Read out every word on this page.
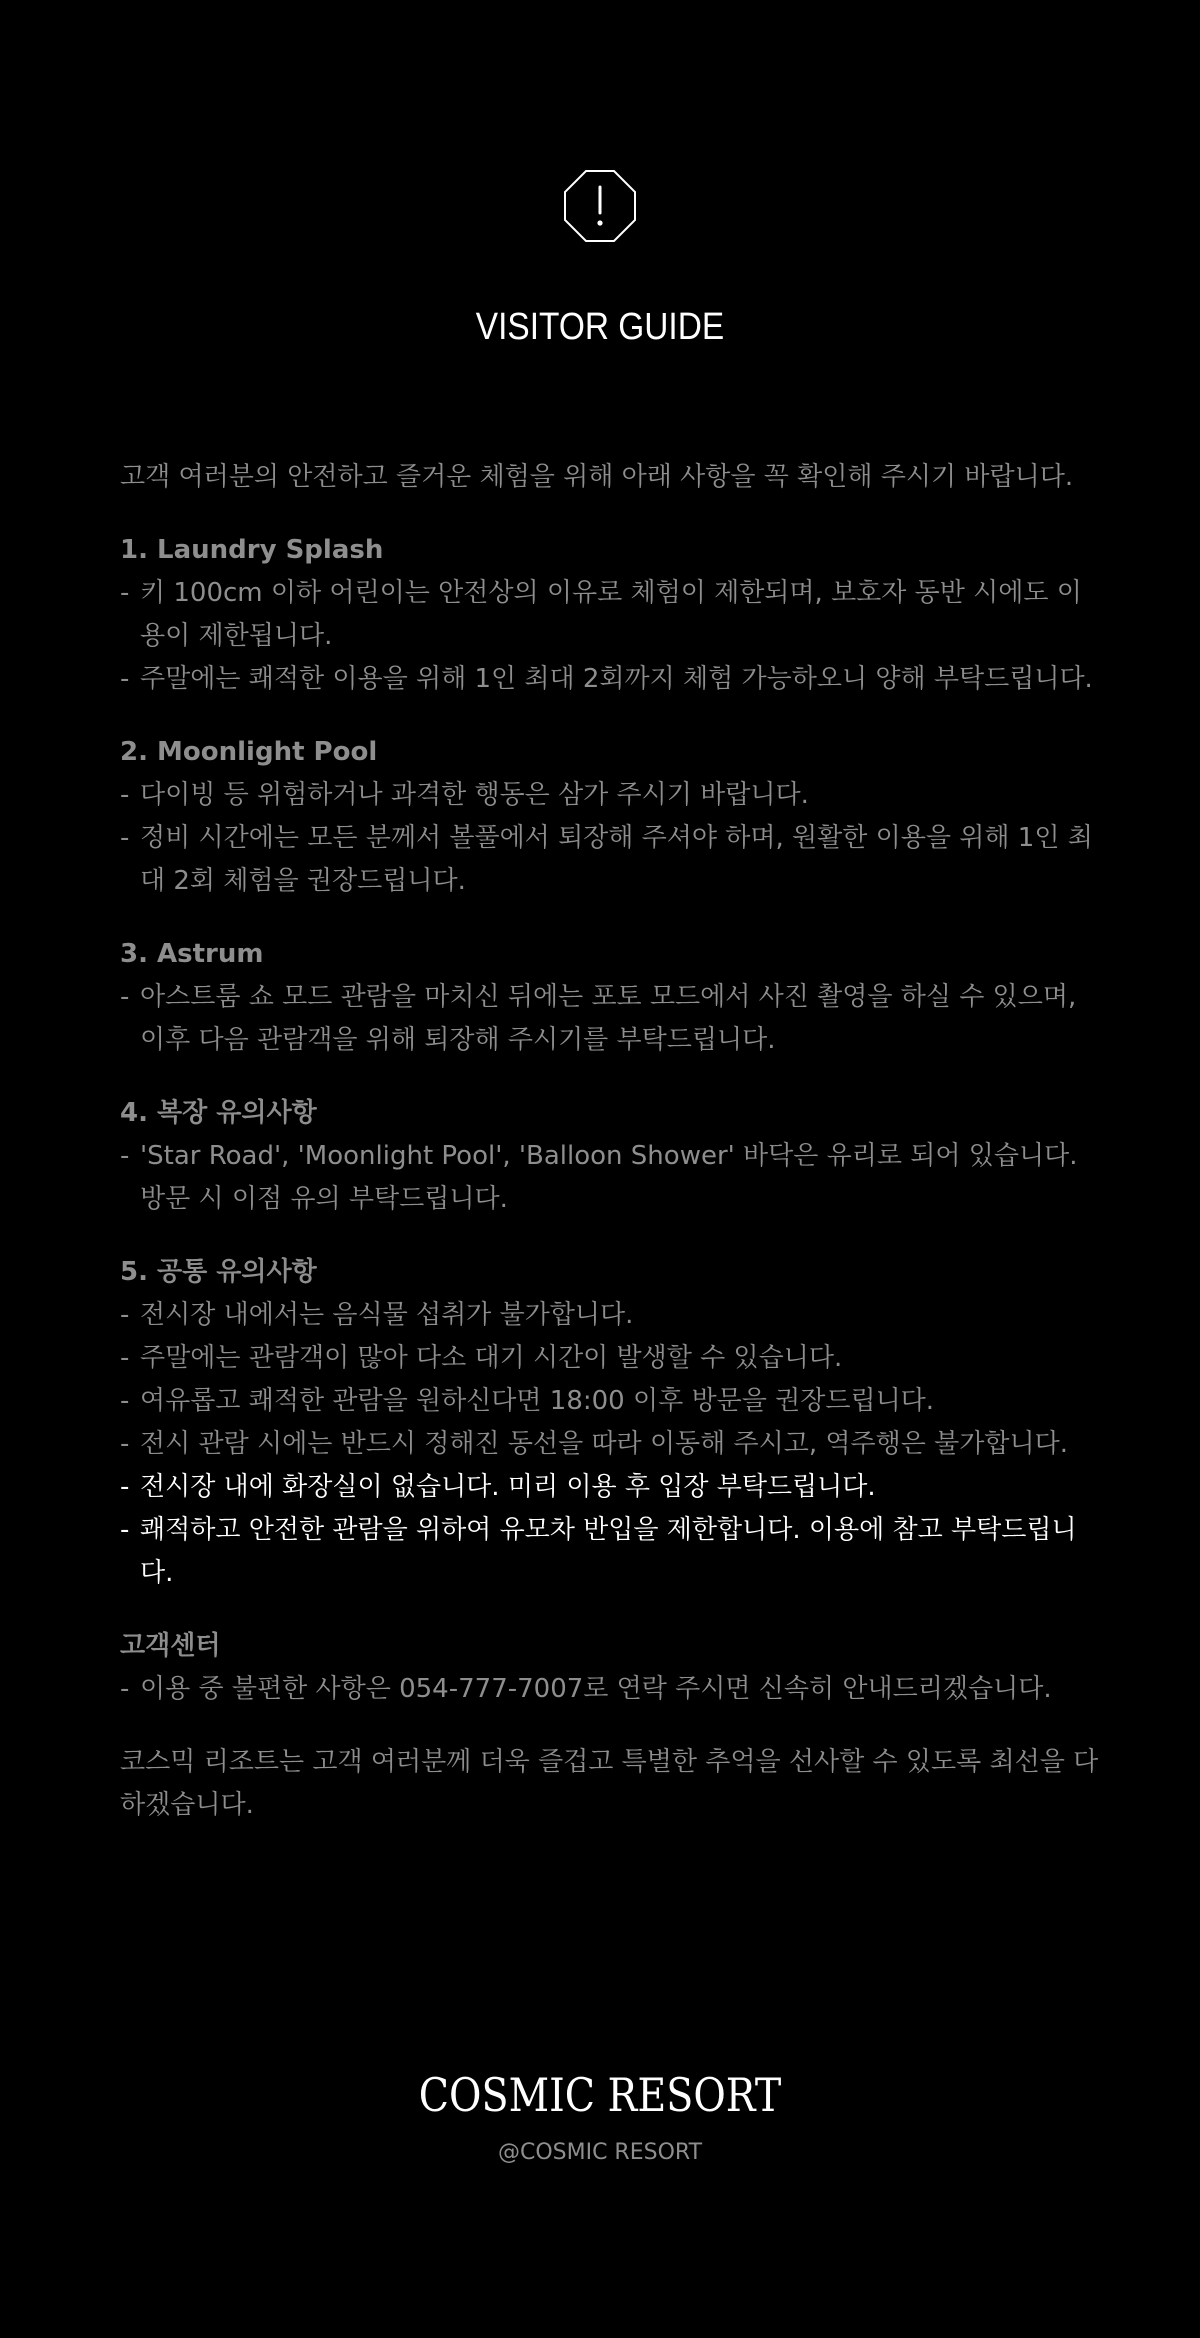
VISITOR GUIDE

고객 여러분의 안전하고 즐거운 체험을 위해 아래 사항을 꼭 확인해 주시기 바랍니다.

1. Laundry Splash
- 키 100cm 이하 어린이는 안전상의 이유로 체험이 제한되며, 보호자 동반 시에도 이용이 제한됩니다.
- 주말에는 쾌적한 이용을 위해 1인 최대 2회까지 체험 가능하오니 양해 부탁드립니다.
2. Moonlight Pool
- 다이빙 등 위험하거나 과격한 행동은 삼가 주시기 바랍니다.
- 정비 시간에는 모든 분께서 볼풀에서 퇴장해 주셔야 하며, 원활한 이용을 위해 1인 최대 2회 체험을 권장드립니다.
3. Astrum
- 아스트룸 쇼 모드 관람을 마치신 뒤에는 포토 모드에서 사진 촬영을 하실 수 있으며, 이후 다음 관람객을 위해 퇴장해 주시기를 부탁드립니다.
4. 복장 유의사항
- 'Star Road', 'Moonlight Pool', 'Balloon Shower' 바닥은 유리로 되어 있습니다. 방문 시 이점 유의 부탁드립니다.
5. 공통 유의사항
- 전시장 내에서는 음식물 섭취가 불가합니다.
- 주말에는 관람객이 많아 다소 대기 시간이 발생할 수 있습니다.
- 여유롭고 쾌적한 관람을 원하신다면 18:00 이후 방문을 권장드립니다.
- 전시 관람 시에는 반드시 정해진 동선을 따라 이동해 주시고, 역주행은 불가합니다.
- 전시장 내에 화장실이 없습니다. 미리 이용 후 입장 부탁드립니다.
- 쾌적하고 안전한 관람을 위하여 유모차 반입을 제한합니다. 이용에 참고 부탁드립니다.
고객센터
- 이용 중 불편한 사항은 054-777-7007로 연락 주시면 신속히 안내드리겠습니다.

코스믹 리조트는 고객 여러분께 더욱 즐겁고 특별한 추억을 선사할 수 있도록 최선을 다하겠습니다.

COSMIC RESORT
@COSMIC RESORT
